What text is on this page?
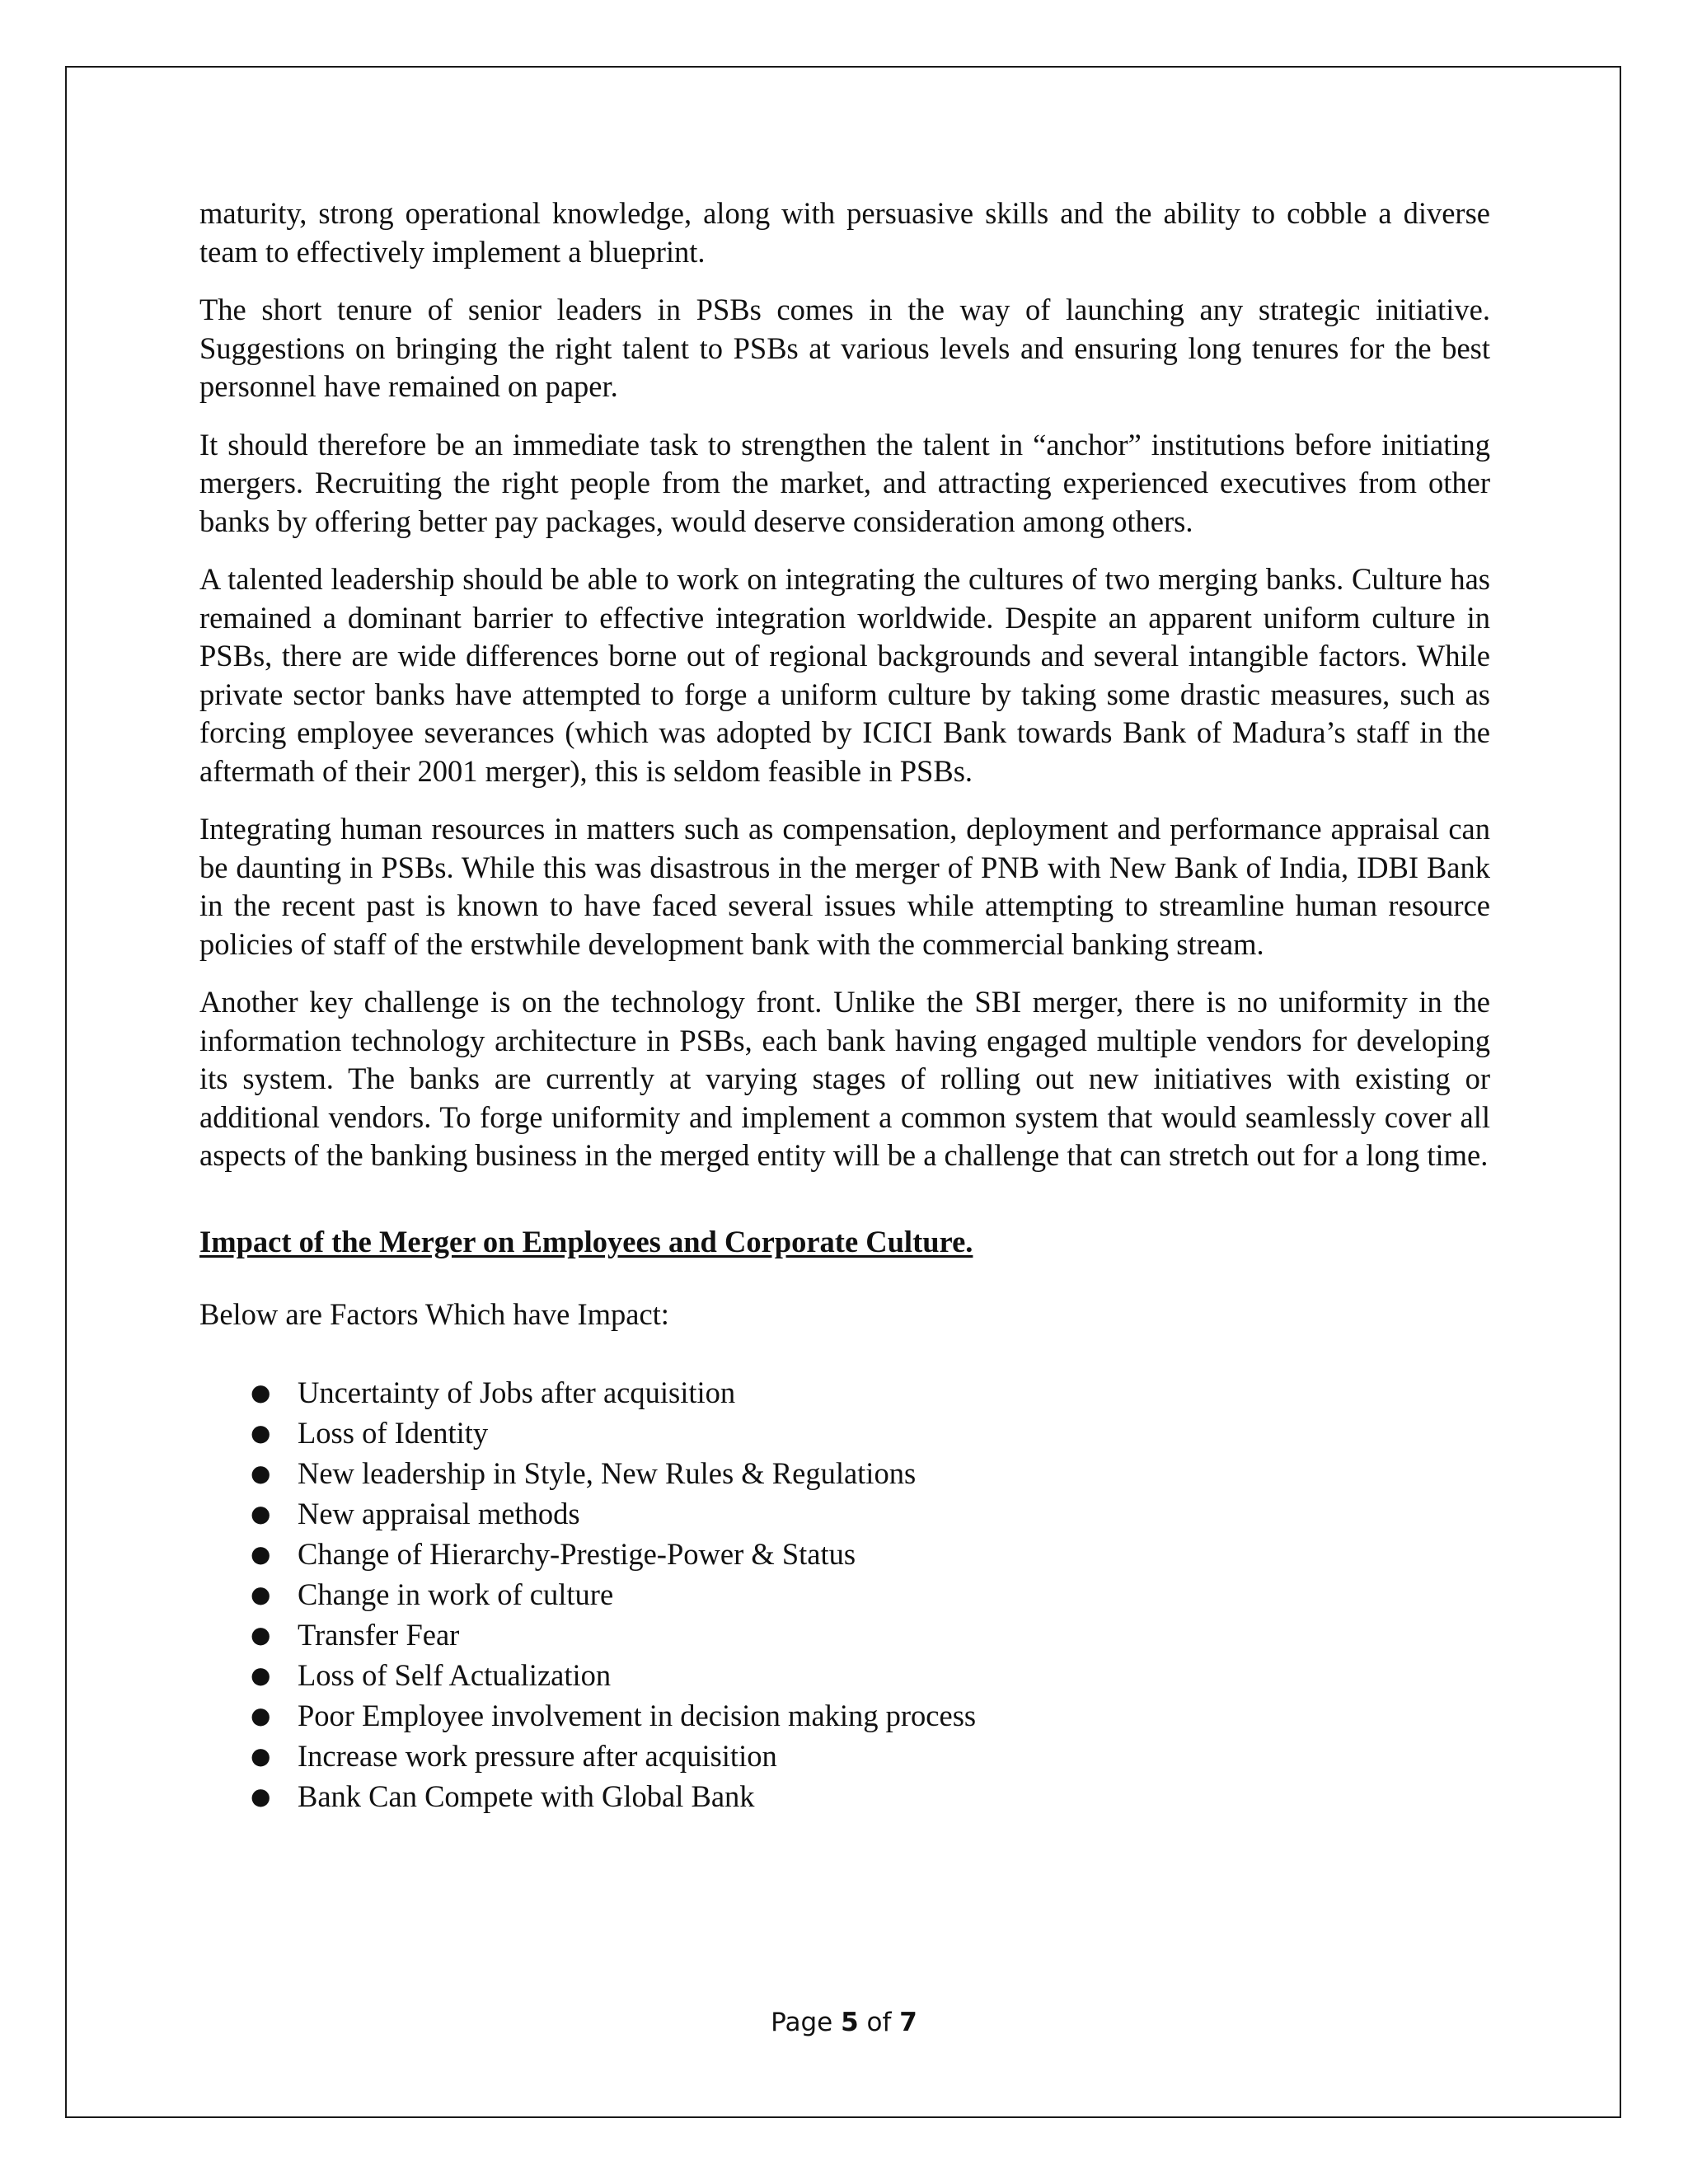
maturity, strong operational knowledge, along with persuasive skills and the ability to cobble a diverse team to effectively implement a blueprint.

The short tenure of senior leaders in PSBs comes in the way of launching any strategic initiative. Suggestions on bringing the right talent to PSBs at various levels and ensuring long tenures for the best personnel have remained on paper.

It should therefore be an immediate task to strengthen the talent in “anchor” institutions before initiating mergers. Recruiting the right people from the market, and attracting experienced executives from other banks by offering better pay packages, would deserve consideration among others.

A talented leadership should be able to work on integrating the cultures of two merging banks. Culture has remained a dominant barrier to effective integration worldwide. Despite an apparent uniform culture in PSBs, there are wide differences borne out of regional backgrounds and several intangible factors. While private sector banks have attempted to forge a uniform culture by taking some drastic measures, such as forcing employee severances (which was adopted by ICICI Bank towards Bank of Madura’s staff in the aftermath of their 2001 merger), this is seldom feasible in PSBs.

Integrating human resources in matters such as compensation, deployment and performance appraisal can be daunting in PSBs. While this was disastrous in the merger of PNB with New Bank of India, IDBI Bank in the recent past is known to have faced several issues while attempting to streamline human resource policies of staff of the erstwhile development bank with the commercial banking stream.

Another key challenge is on the technology front. Unlike the SBI merger, there is no uniformity in the information technology architecture in PSBs, each bank having engaged multiple vendors for developing its system. The banks are currently at varying stages of rolling out new initiatives with existing or additional vendors. To forge uniformity and implement a common system that would seamlessly cover all aspects of the banking business in the merged entity will be a challenge that can stretch out for a long time.

Impact of the Merger on Employees and Corporate Culture.
Below are Factors Which have Impact:
● Uncertainty of Jobs after acquisition
● Loss of Identity
● New leadership in Style, New Rules & Regulations
● New appraisal methods
● Change of Hierarchy-Prestige-Power & Status
● Change in work of culture
● Transfer Fear
● Loss of Self Actualization
● Poor Employee involvement in decision making process
● Increase work pressure after acquisition
● Bank Can Compete with Global Bank
Page 5 of 7
